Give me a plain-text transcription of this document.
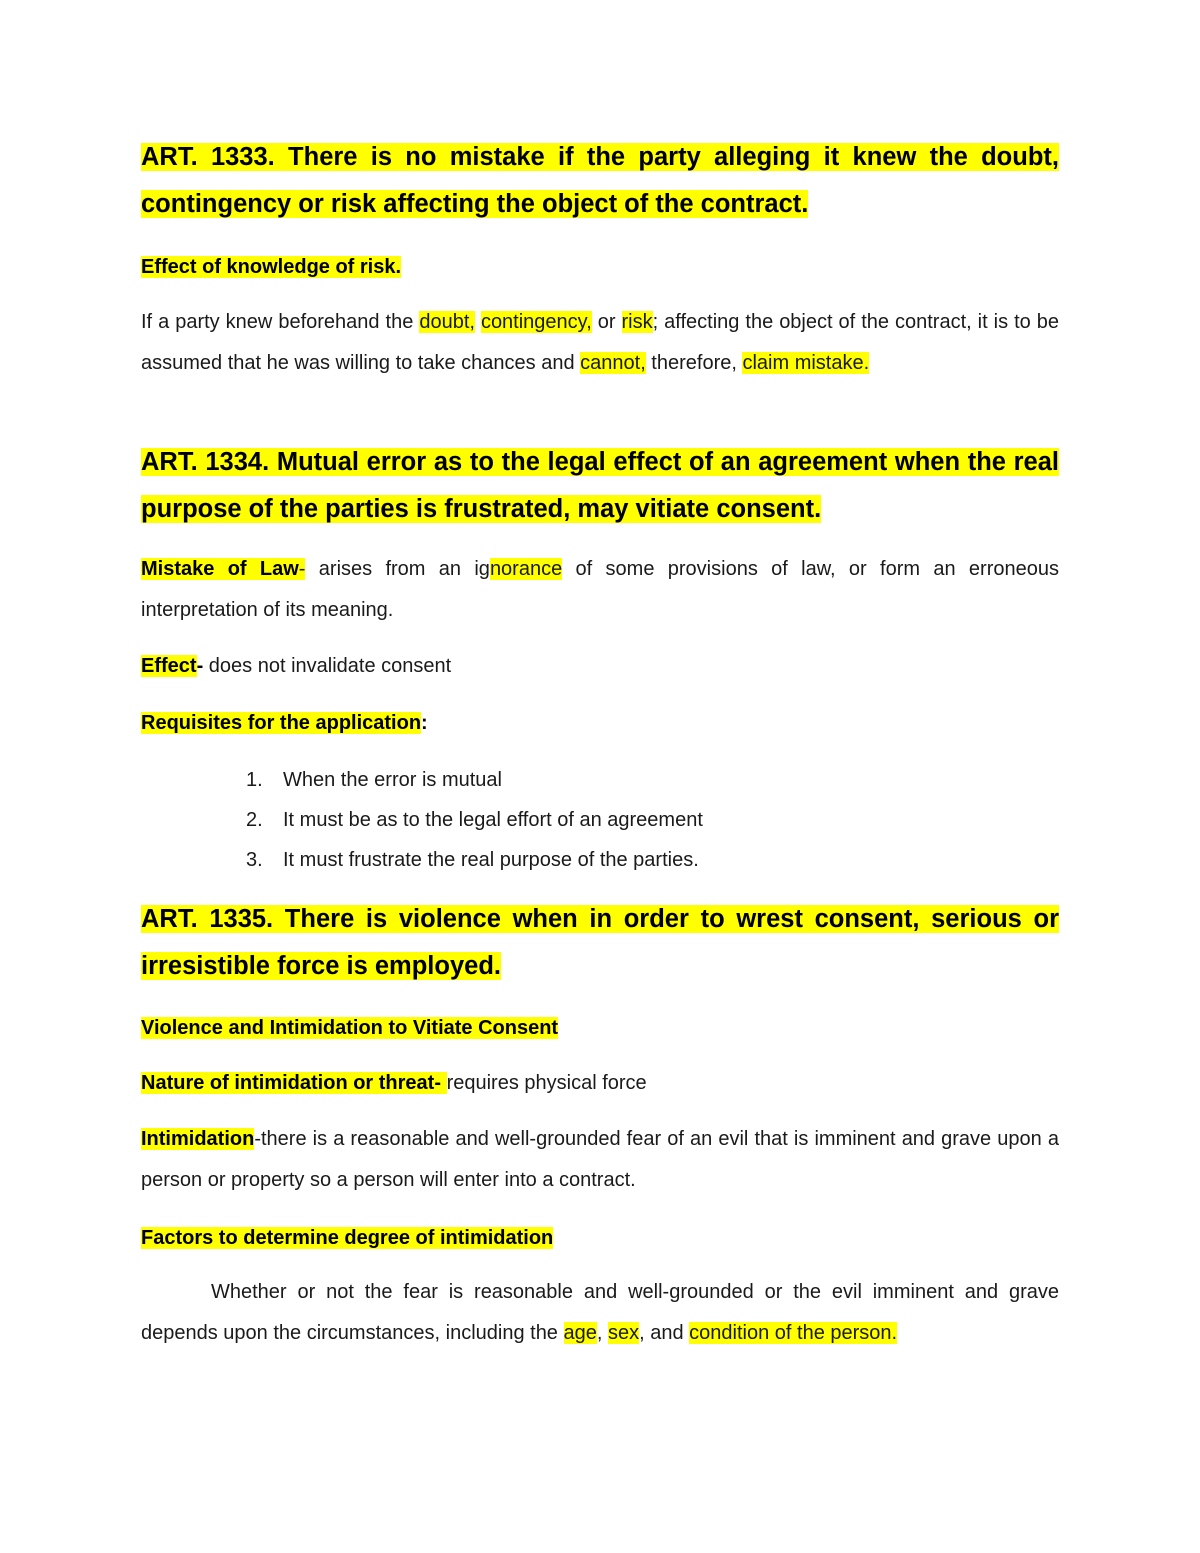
ART. 1333. There is no mistake if the party alleging it knew the doubt, contingency or risk affecting the object of the contract.
Effect of knowledge of risk.
If a party knew beforehand the doubt, contingency, or risk; affecting the object of the contract, it is to be assumed that he was willing to take chances and cannot, therefore, claim mistake.
ART. 1334. Mutual error as to the legal effect of an agreement when the real purpose of the parties is frustrated, may vitiate consent.
Mistake of Law- arises from an ignorance of some provisions of law, or form an erroneous interpretation of its meaning.
Effect- does not invalidate consent
Requisites for the application:
1. When the error is mutual
2. It must be as to the legal effort of an agreement
3. It must frustrate the real purpose of the parties.
ART. 1335. There is violence when in order to wrest consent, serious or irresistible force is employed.
Violence and Intimidation to Vitiate Consent
Nature of intimidation or threat- requires physical force
Intimidation-there is a reasonable and well-grounded fear of an evil that is imminent and grave upon a person or property so a person will enter into a contract.
Factors to determine degree of intimidation
Whether or not the fear is reasonable and well-grounded or the evil imminent and grave depends upon the circumstances, including the age, sex, and condition of the person.
